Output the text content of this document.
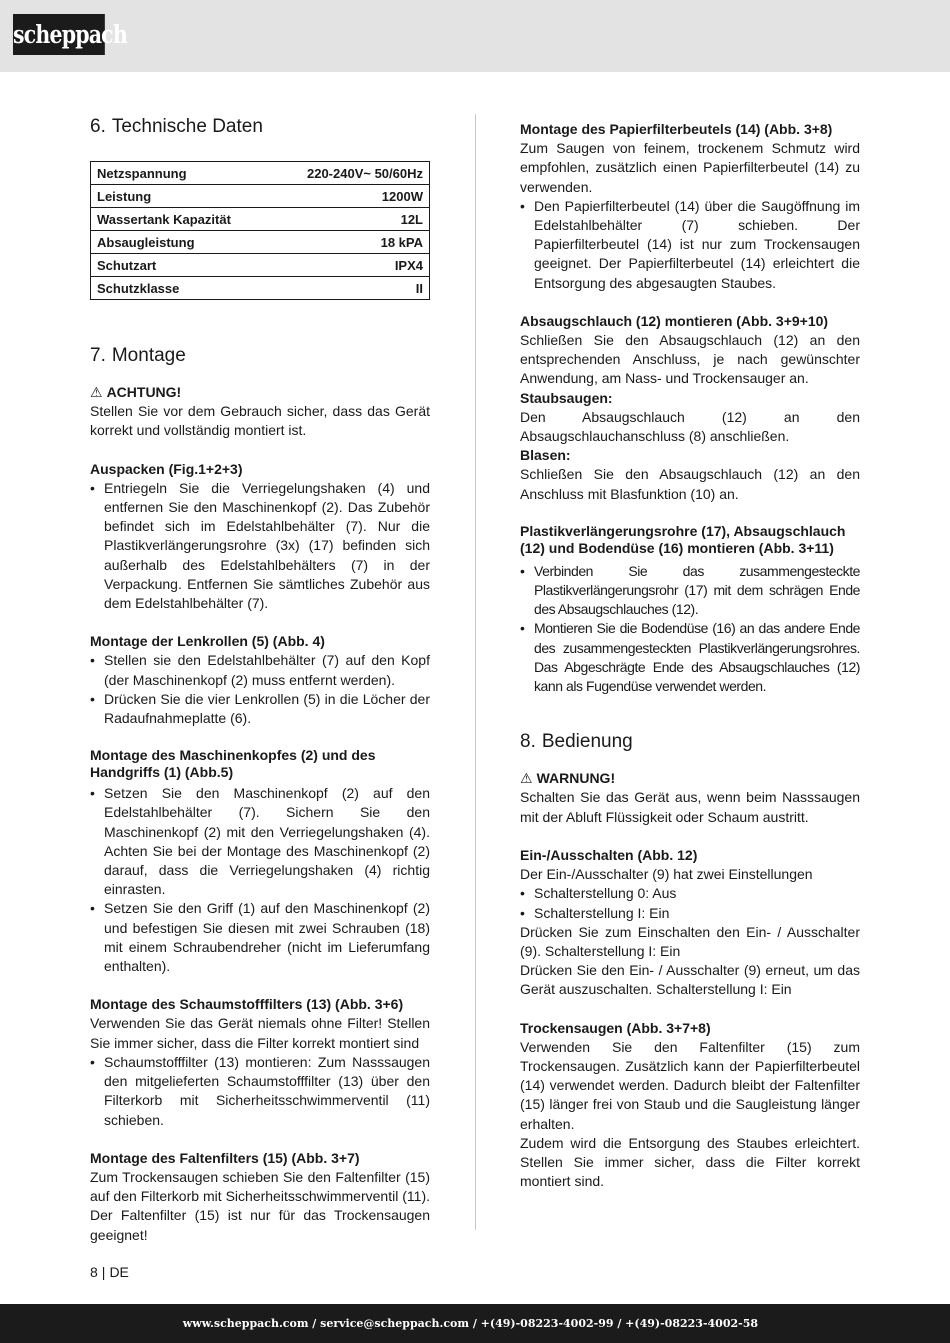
scheppach
6. Technische Daten
Netzspannung	220-240V~ 50/60Hz
Leistung	1200W
Wassertank Kapazität	12L
Absaugleistung	18 kPA
Schutzart	IPX4
Schutzklasse	II
7. Montage
⚠ ACHTUNG!

Stellen Sie vor dem Gebrauch sicher, dass das Gerät korrekt und vollständig montiert ist.

Auspacken (Fig.1+2+3)
• Entriegeln Sie die Verriegelungshaken (4) und entfernen Sie den Maschinenkopf (2). Das Zubehör befindet sich im Edelstahlbehälter (7). Nur die Plastikverlängerungsrohre (3x) (17) befinden sich außerhalb des Edelstahlbehälters (7) in der Verpackung. Entfernen Sie sämtliches Zubehör aus dem Edelstahlbehälter (7).
Montage der Lenkrollen (5) (Abb. 4)
• Stellen sie den Edelstahlbehälter (7) auf den Kopf (der Maschinenkopf (2) muss entfernt werden).
• Drücken Sie die vier Lenkrollen (5) in die Löcher der Radaufnahmeplatte (6).
Montage des Maschinenkopfes (2) und des Handgriffs (1) (Abb.5)
• Setzen Sie den Maschinenkopf (2) auf den Edelstahlbehälter (7). Sichern Sie den Maschinenkopf (2) mit den Verriegelungshaken (4). Achten Sie bei der Montage des Maschinenkopf (2) darauf, dass die Verriegelungshaken (4) richtig einrasten.
• Setzen Sie den Griff (1) auf den Maschinenkopf (2) und befestigen Sie diesen mit zwei Schrauben (18) mit einem Schraubendreher (nicht im Lieferumfang enthalten).
Montage des Schaumstofffilters (13) (Abb. 3+6)

Verwenden Sie das Gerät niemals ohne Filter! Stellen Sie immer sicher, dass die Filter korrekt montiert sind

• Schaumstofffilter (13) montieren: Zum Nasssaugen den mitgelieferten Schaumstofffilter (13) über den Filterkorb mit Sicherheitsschwimmerventil (11) schieben.
Montage des Faltenfilters (15) (Abb. 3+7)

Zum Trockensaugen schieben Sie den Faltenfilter (15) auf den Filterkorb mit Sicherheitsschwimmerventil (11). Der Faltenfilter (15) ist nur für das Trockensaugen geeignet!

Montage des Papierfilterbeutels (14) (Abb. 3+8)

Zum Saugen von feinem, trockenem Schmutz wird empfohlen, zusätzlich einen Papierfilterbeutel (14) zu verwenden.

• Den Papierfilterbeutel (14) über die Saugöffnung im Edelstahlbehälter (7) schieben. Der Papierfilterbeutel (14) ist nur zum Trockensaugen geeignet. Der Papierfilterbeutel (14) erleichtert die Entsorgung des abgesaugten Staubes.
Absaugschlauch (12) montieren (Abb. 3+9+10)

Schließen Sie den Absaugschlauch (12) an den entsprechenden Anschluss, je nach gewünschter Anwendung, am Nass- und Trockensauger an.

Staubsaugen:

Den Absaugschlauch (12) an den Absaugschlauchanschluss (8) anschließen.

Blasen:

Schließen Sie den Absaugschlauch (12) an den Anschluss mit Blasfunktion (10) an.

Plastikverlängerungsrohre (17), Absaugschlauch (12) und Bodendüse (16) montieren (Abb. 3+11)
• Verbinden Sie das zusammengesteckte Plastikverlängerungsrohr (17) mit dem schrägen Ende des Absaugschlauches (12).
• Montieren Sie die Bodendüse (16) an das andere Ende des zusammengesteckten Plastikverlängerungsrohres. Das Abgeschrägte Ende des Absaugschlauches (12) kann als Fugendüse verwendet werden.
8. Bedienung
⚠ WARNUNG!

Schalten Sie das Gerät aus, wenn beim Nasssaugen mit der Abluft Flüssigkeit oder Schaum austritt.

Ein-/Ausschalten (Abb. 12)

Der Ein-/Ausschalter (9) hat zwei Einstellungen

• Schalterstellung 0: Aus
• Schalterstellung I: Ein

Drücken Sie zum Einschalten den Ein- / Ausschalter (9). Schalterstellung I: Ein

Drücken Sie den Ein- / Ausschalter (9) erneut, um das Gerät auszuschalten. Schalterstellung I: Ein

Trockensaugen (Abb. 3+7+8)

Verwenden Sie den Faltenfilter (15) zum Trockensaugen. Zusätzlich kann der Papierfilterbeutel (14) verwendet werden. Dadurch bleibt der Faltenfilter (15) länger frei von Staub und die Saugleistung länger erhalten.

Zudem wird die Entsorgung des Staubes erleichtert. Stellen Sie immer sicher, dass die Filter korrekt montiert sind.

8 | DE
www.scheppach.com / service@scheppach.com / +(49)-08223-4002-99 / +(49)-08223-4002-58
